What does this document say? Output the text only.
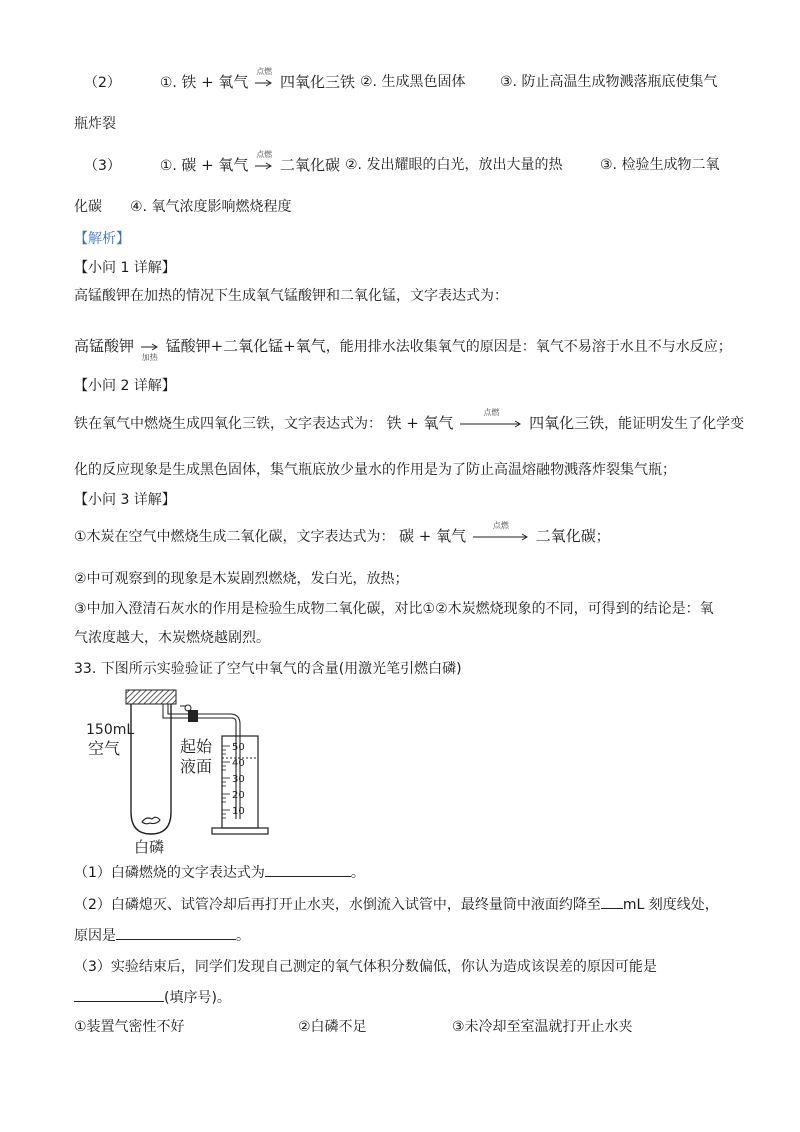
（2）	①. 铁 + 氧气
点燃
四氧化三铁 ②. 生成黑色固体 ③. 防止高温生成物溅落瓶底使集气
瓶炸裂
（3）	①. 碳 + 氧气
点燃
二氧化碳 ②. 发出耀眼的白光，放出大量的热	③. 检验生成物二氧
化碳 ④. 氧气浓度影响燃烧程度
【解析】
【小问 1 详解】
高锰酸钾在加热的情况下生成氧气锰酸钾和二氧化锰，文字表达式为：
高锰酸钾
加热
锰酸钾+二氧化锰+氧气，能用排水法收集氧气的原因是：氧气不易溶于水且不与水反应；
【小问 2 详解】
铁在氧气中燃烧生成四氧化三铁，文字表达式为： 铁 + 氧气
点燃
四氧化三铁，能证明发生了化学变
化的反应现象是生成黑色固体，集气瓶底放少量水的作用是为了防止高温熔融物溅落炸裂集气瓶；
【小问 3 详解】
①木炭在空气中燃烧生成二氧化碳，文字表达式为： 碳 + 氧气
点燃
二氧化碳；
②中可观察到的现象是木炭剧烈燃烧，发白光，放热；
③中加入澄清石灰水的作用是检验生成物二氧化碳，对比①②木炭燃烧现象的不同，可得到的结论是：氧
气浓度越大，木炭燃烧越剧烈。
33. 下图所示实验验证了空气中氧气的含量(用激光笔引燃白磷)
50
40
30
20
10
150mL
空气	起始
液面
白磷
（1）白磷燃烧的文字表达式为	。
（2）白磷熄灭、试管冷却后再打开止水夹，水倒流入试管中，最终量筒中液面约降至 mL 刻度线处，
原因是	。
（3）实验结束后，同学们发现自己测定的氧气体积分数偏低，你认为造成该误差的原因可能是
(填序号)。
①装置气密性不好	②白磷不足	③未冷却至室温就打开止水夹
